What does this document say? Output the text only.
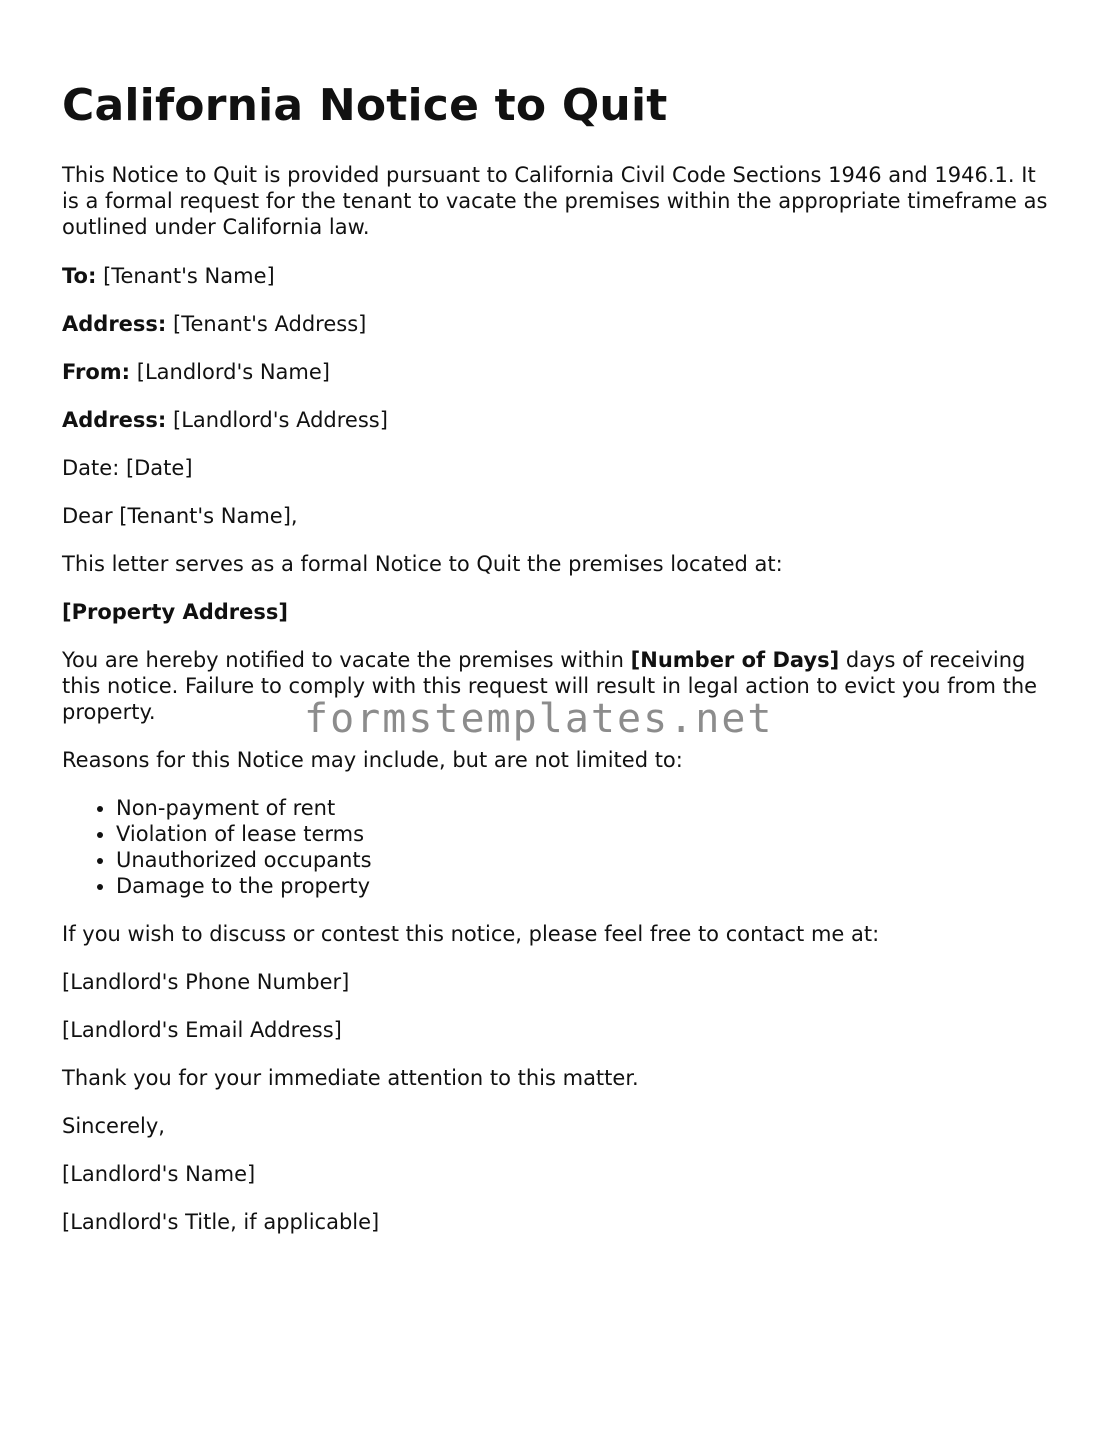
California Notice to Quit

This Notice to Quit is provided pursuant to California Civil Code Sections 1946 and 1946.1. It is a formal request for the tenant to vacate the premises within the appropriate timeframe as outlined under California law.

To: [Tenant's Name]

Address: [Tenant's Address]

From: [Landlord's Name]

Address: [Landlord's Address]

Date: [Date]

Dear [Tenant's Name],

This letter serves as a formal Notice to Quit the premises located at:

[Property Address]

You are hereby notified to vacate the premises within [Number of Days] days of receiving this notice. Failure to comply with this request will result in legal action to evict you from the property.

Reasons for this Notice may include, but are not limited to:

• Non-payment of rent
• Violation of lease terms
• Unauthorized occupants
• Damage to the property

If you wish to discuss or contest this notice, please feel free to contact me at:

[Landlord's Phone Number]

[Landlord's Email Address]

Thank you for your immediate attention to this matter.

Sincerely,

[Landlord's Name]

[Landlord's Title, if applicable]

formstemplates.net
